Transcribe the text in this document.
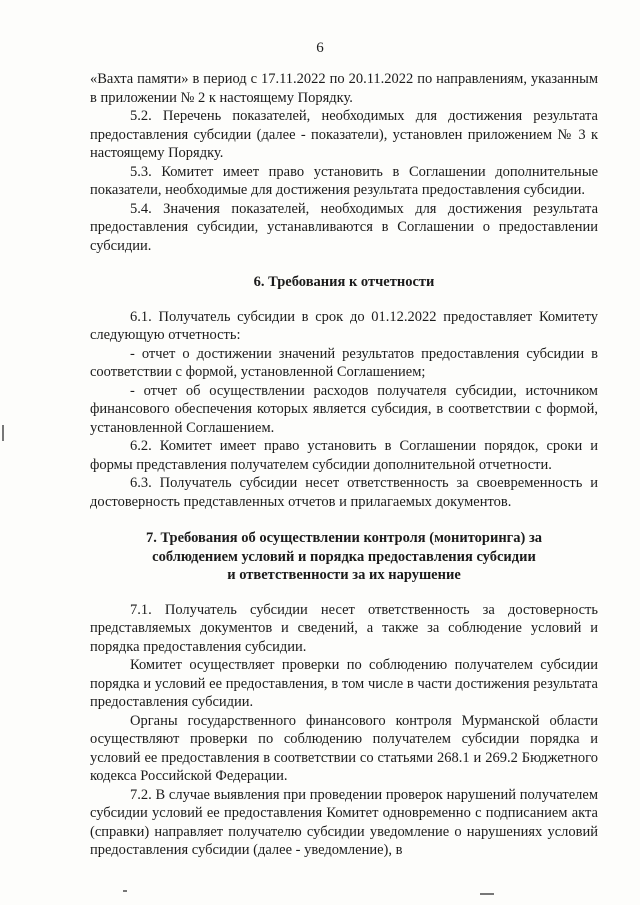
6

«Вахта памяти» в период с 17.11.2022 по 20.11.2022 по направлениям, указанным в приложении № 2 к настоящему Порядку.

5.2. Перечень показателей, необходимых для достижения результата предоставления субсидии (далее - показатели), установлен приложением № 3 к настоящему Порядку.

5.3. Комитет имеет право установить в Соглашении дополнительные показатели, необходимые для достижения результата предоставления субсидии.

5.4. Значения показателей, необходимых для достижения результата предоставления субсидии, устанавливаются в Соглашении о предоставлении субсидии.

6. Требования к отчетности

6.1. Получатель субсидии в срок до 01.12.2022 предоставляет Комитету следующую отчетность:

- отчет о достижении значений результатов предоставления субсидии в соответствии с формой, установленной Соглашением;

- отчет об осуществлении расходов получателя субсидии, источником финансового обеспечения которых является субсидия, в соответствии с формой, установленной Соглашением.

6.2. Комитет имеет право установить в Соглашении порядок, сроки и формы представления получателем субсидии дополнительной отчетности.

6.3. Получатель субсидии несет ответственность за своевременность и достоверность представленных отчетов и прилагаемых документов.

7. Требования об осуществлении контроля (мониторинга) за

соблюдением условий и порядка предоставления субсидии

и ответственности за их нарушение

7.1. Получатель субсидии несет ответственность за достоверность представляемых документов и сведений, а также за соблюдение условий и порядка предоставления субсидии.

Комитет осуществляет проверки по соблюдению получателем субсидии порядка и условий ее предоставления, в том числе в части достижения результата предоставления субсидии.

Органы государственного финансового контроля Мурманской области осуществляют проверки по соблюдению получателем субсидии порядка и условий ее предоставления в соответствии со статьями 268.1 и 269.2 Бюджетного кодекса Российской Федерации.

7.2. В случае выявления при проведении проверок нарушений получателем субсидии условий ее предоставления Комитет одновременно с подписанием акта (справки) направляет получателю субсидии уведомление о нарушениях условий предоставления субсидии (далее - уведомление), в
